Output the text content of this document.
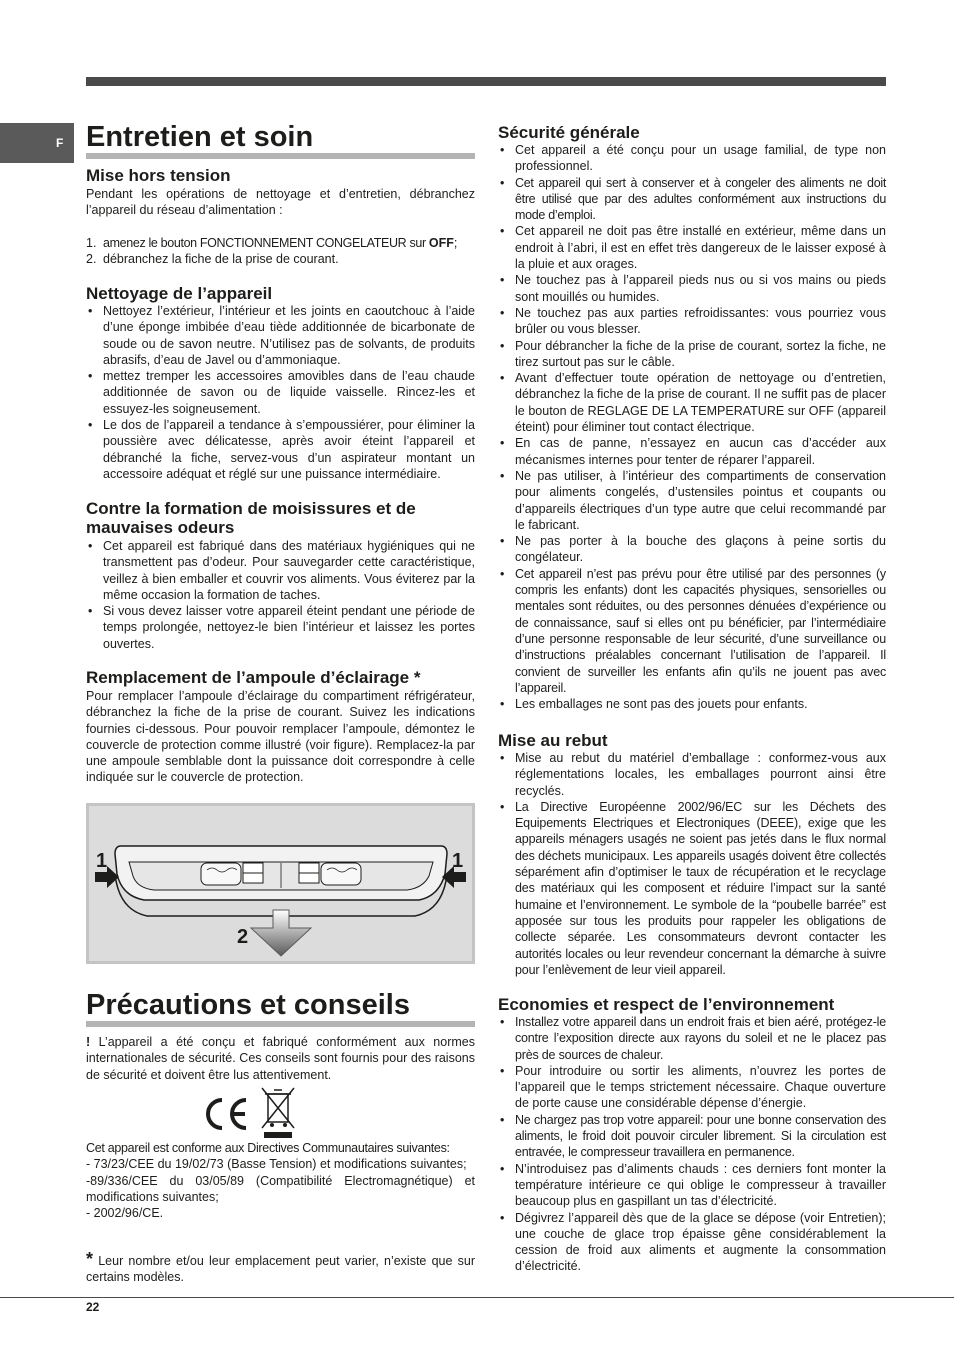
F Entretien et soin
Mise hors tension

Pendant les opérations de nettoyage et d’entretien, débranchez l’appareil du réseau d’alimentation :

1. amenez le bouton FONCTIONNEMENT CONGELATEUR sur OFF;
2. débranchez la fiche de la prise de courant.
Nettoyage de l’appareil
• Nettoyez l’extérieur, l’intérieur et les joints en caoutchouc à l’aide d’une éponge imbibée d’eau tiède additionnée de bicarbonate de soude ou de savon neutre. N’utilisez pas de solvants, de produits abrasifs, d’eau de Javel ou d’ammoniaque.
• mettez tremper les accessoires amovibles dans de l’eau chaude additionnée de savon ou de liquide vaisselle. Rincez-les et essuyez-les soigneusement.
• Le dos de l’appareil a tendance à s’empoussiérer, pour éliminer la poussière avec délicatesse, après avoir éteint l’appareil et débranché la fiche, servez-vous d’un aspirateur montant un accessoire adéquat et réglé sur une puissance intermédiaire.
Contre la formation de moisissures et de mauvaises odeurs
• Cet appareil est fabriqué dans des matériaux hygiéniques qui ne transmettent pas d’odeur. Pour sauvegarder cette caractéristique, veillez à bien emballer et couvrir vos aliments. Vous éviterez par la même occasion la formation de taches.
• Si vous devez laisser votre appareil éteint pendant une période de temps prolongée, nettoyez-le bien l’intérieur et laissez les portes ouvertes.
Remplacement de l’ampoule d’éclairage *

Pour remplacer l’ampoule d’éclairage du compartiment réfrigérateur, débranchez la fiche de la prise de courant. Suivez les indications fournies ci-dessous. Pour pouvoir remplacer l’ampoule, démontez le couvercle de protection comme illustré (voir figure). Remplacez-la par une ampoule semblable dont la puissance doit correspondre à celle indiquée sur le couvercle de protection.

Précautions et conseils

! L’appareil a été conçu et fabriqué conformément aux normes internationales de sécurité. Ces conseils sont fournis pour des raisons de sécurité et doivent être lus attentivement.

Cet appareil est conforme aux Directives Communautaires suivantes:

- 73/23/CEE du 19/02/73 (Basse Tension) et modifications suivantes;

-89/336/CEE du 03/05/89 (Compatibilité Electromagnétique) et modifications suivantes;

- 2002/96/CE.

* Leur nombre et/ou leur emplacement peut varier, n’existe que sur certains modèles.

1	1
2
Sécurité générale
• Cet appareil a été conçu pour un usage familial, de type non professionnel.
• Cet appareil qui sert à conserver et à congeler des aliments ne doit être utilisé que par des adultes conformément aux instructions du mode d’emploi.
• Cet appareil ne doit pas être installé en extérieur, même dans un endroit à l’abri, il est en effet très dangereux de le laisser exposé à la pluie et aux orages.
• Ne touchez pas à l’appareil pieds nus ou si vos mains ou pieds sont mouillés ou humides.
• Ne touchez pas aux parties refroidissantes: vous pourriez vous brûler ou vous blesser.
• Pour débrancher la fiche de la prise de courant, sortez la fiche, ne tirez surtout pas sur le câble.
• Avant d’effectuer toute opération de nettoyage ou d’entretien, débranchez la fiche de la prise de courant. Il ne suffit pas de placer le bouton de REGLAGE DE LA TEMPERATURE sur OFF (appareil éteint) pour éliminer tout contact électrique.
• En cas de panne, n’essayez en aucun cas d’accéder aux mécanismes internes pour tenter de réparer l’appareil.
• Ne pas utiliser, à l’intérieur des compartiments de conservation pour aliments congelés, d’ustensiles pointus et coupants ou d’appareils électriques d’un type autre que celui recommandé par le fabricant.
• Ne pas porter à la bouche des glaçons à peine sortis du congélateur.
• Cet appareil n’est pas prévu pour être utilisé par des personnes (y compris les enfants) dont les capacités physiques, sensorielles ou mentales sont réduites, ou des personnes dénuées d’expérience ou de connaissance, sauf si elles ont pu bénéficier, par l’intermédiaire d’une personne responsable de leur sécurité, d’une surveillance ou d’instructions préalables concernant l’utilisation de l’appareil. Il convient de surveiller les enfants afin qu’ils ne jouent pas avec l’appareil.
• Les emballages ne sont pas des jouets pour enfants.
Mise au rebut
• Mise au rebut du matériel d’emballage : conformez-vous aux réglementations locales, les emballages pourront ainsi être recyclés.
• La Directive Européenne 2002/96/EC sur les Déchets des Equipements Electriques et Electroniques (DEEE), exige que les appareils ménagers usagés ne soient pas jetés dans le flux normal des déchets municipaux. Les appareils usagés doivent être collectés séparément afin d’optimiser le taux de récupération et le recyclage des matériaux qui les composent et réduire l’impact sur la santé humaine et l’environnement. Le symbole de la “poubelle barrée” est apposée sur tous les produits pour rappeler les obligations de collecte séparée. Les consommateurs devront contacter les autorités locales ou leur revendeur concernant la démarche à suivre pour l’enlèvement de leur vieil appareil.
Economies et respect de l’environnement
• Installez votre appareil dans un endroit frais et bien aéré, protégez-le contre l’exposition directe aux rayons du soleil et ne le placez pas près de sources de chaleur.
• Pour introduire ou sortir les aliments, n’ouvrez les portes de l’appareil que le temps strictement nécessaire. Chaque ouverture de porte cause une considérable dépense d’énergie.
• Ne chargez pas trop votre appareil: pour une bonne conservation des aliments, le froid doit pouvoir circuler librement. Si la circulation est entravée, le compresseur travaillera en permanence.
• N’introduisez pas d’aliments chauds : ces derniers font monter la température intérieure ce qui oblige le compresseur à travailler beaucoup plus en gaspillant un tas d’électricité.
• Dégivrez l’appareil dès que de la glace se dépose (voir Entretien); une couche de glace trop épaisse gêne considérablement la cession de froid aux aliments et augmente la consommation d’électricité.
22
